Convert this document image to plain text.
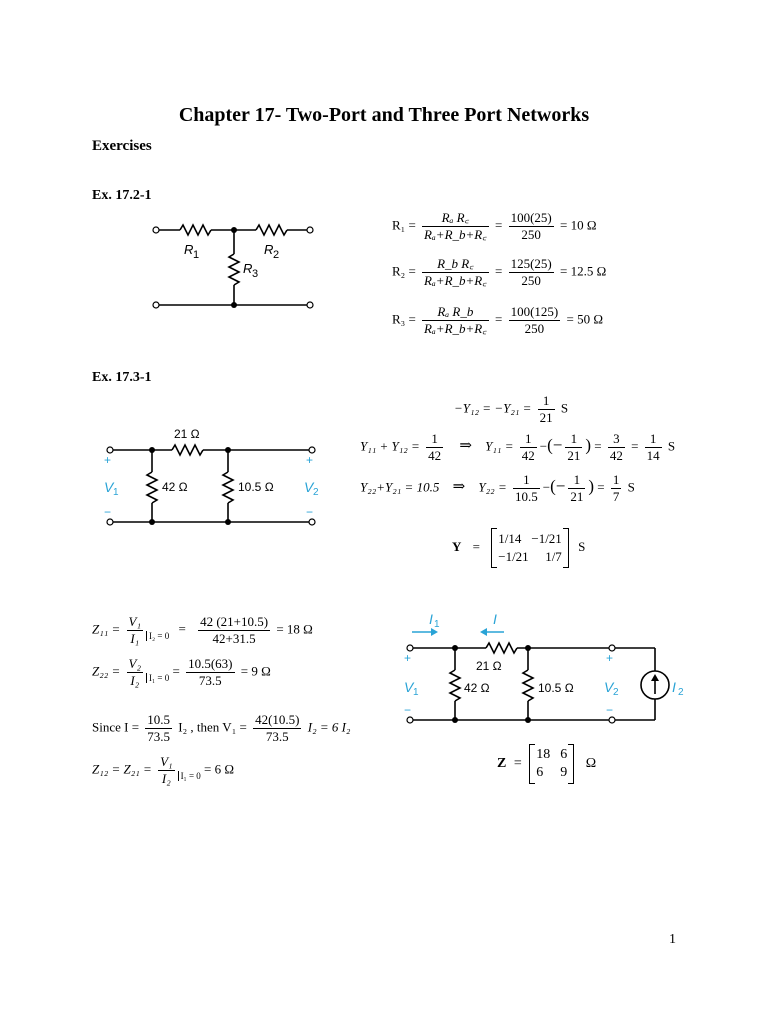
Chapter 17- Two-Port and Three Port Networks
Exercises
Ex. 17.2-1
R 1	R 2
R 3
$R_1 = \frac{\text{Rₐ R꜀}}{\text{Rₐ+R\_b+R꜀}} = \frac{100(25)}{250} = 10$ Ω
$R_2 = \frac{\text{R\_b R꜀}}{\text{Rₐ+R\_b+R꜀}} = \frac{125(25)}{250} = 12.5$ Ω
$R_3 = \frac{\text{Rₐ R\_b}}{\text{Rₐ+R\_b+R꜀}} = \frac{100(125)}{250} = 50$ Ω
Ex. 17.3-1
21 Ω
42 Ω	10.5 Ω
+	+
−	−
V 1	V 2
$-Y_{12} = -Y_{21} = \frac{1}{21}$ S
$Y_{11} + Y_{12} = \frac{1}{42}$ ⇒ $Y_{11} = \frac{1}{42}$ −(− $\frac{1}{21}$ ) = $\frac{3}{42} = \frac{1}{14}$ S
Y₂₂+Y₂₁ = 10.5 ⇒ $Y_{22} = \frac{1}{10.5}$ −(− $\frac{1}{21}$ ) = $\frac{1}{7}$ S
Y =
1/14 −1/21
−1/21 1/7
S
$Z_{11} = \frac{\text{V₁}}{\text{I₁}} _{I_2 = 0} = \frac{42 (21+10.5)}{42+31.5} = 18$ Ω
$Z_{22} = \frac{\text{V₂}}{\text{I₂}} _{I_1 = 0} = \frac{10.5(63)}{73.5} = 9$ Ω
Since $I = \frac{10.5}{73.5} I_2$ , then $V_1 = \frac{42(10.5)}{73.5} I_2 = 6$ I₂
$Z_{12} = Z_{21} = \frac{\text{V₁}}{\text{I₂}} _{I_1 = 0} = 6$ Ω
I 1	I
21 Ω
42 Ω	10.5 Ω
+	+
−	−
V 1	V 2	I 2
Z =
18 6
6 9
Ω
1
